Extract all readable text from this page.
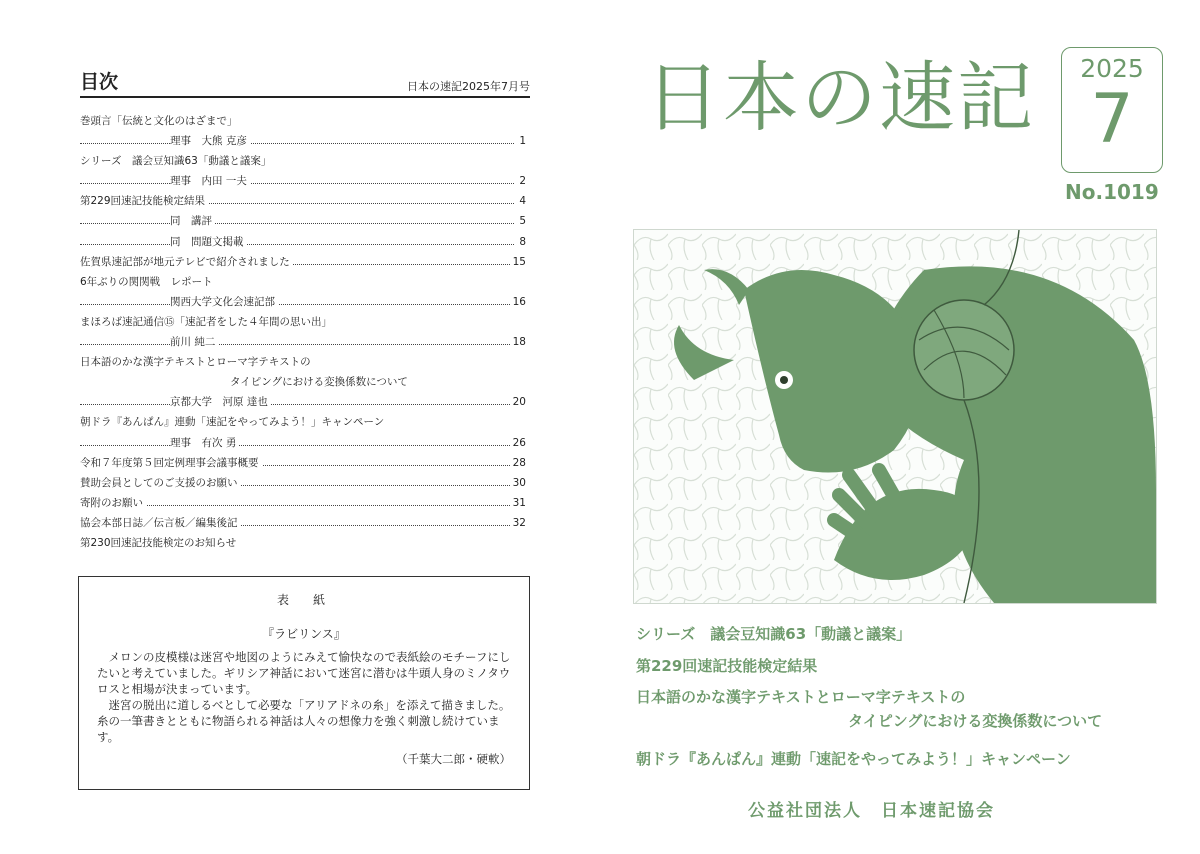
目次	日本の速記2025年7月号
巻頭言「伝統と文化のはざまで」
理事　大熊 克彦	1
シリーズ　議会豆知識63「動議と議案」
理事　内田 一夫	2
第229回速記技能検定結果	4
同　講評	5
同　問題文掲載	8
佐賀県速記部が地元テレビで紹介されました	15
6年ぶりの関関戦　レポート
関西大学文化会速記部	16
まほろば速記通信⑮「速記者をした４年間の思い出」
前川 純二	18
日本語のかな漢字テキストとローマ字テキストの
タイピングにおける変換係数について
京都大学　河原 達也	20
朝ドラ『あんぱん』連動「速記をやってみよう！」キャンペーン
理事　有次 勇	26
令和７年度第５回定例理事会議事概要	28
賛助会員としてのご支援のお願い	30
寄附のお願い	31
協会本部日誌／伝言板／編集後記	32
第230回速記技能検定のお知らせ
表　紙
『ラビリンス』

メロンの皮模様は迷宮や地図のようにみえて愉快なので表紙絵のモチーフにしたいと考えていました。ギリシア神話において迷宮に潜むは牛頭人身のミノタウロスと相場が決まっています。

迷宮の脱出に道しるべとして必要な「アリアドネの糸」を添えて描きました。糸の一筆書きとともに物語られる神話は人々の想像力を強く刺激し続けています。

（千葉大二郎・硬軟）
日本の速記	2025
7
No.1019
シリーズ　議会豆知識63「動議と議案」
第229回速記技能検定結果
日本語のかな漢字テキストとローマ字テキストの
タイピングにおける変換係数について
朝ドラ『あんぱん』連動「速記をやってみよう！」キャンペーン
公益社団法人　日本速記協会
